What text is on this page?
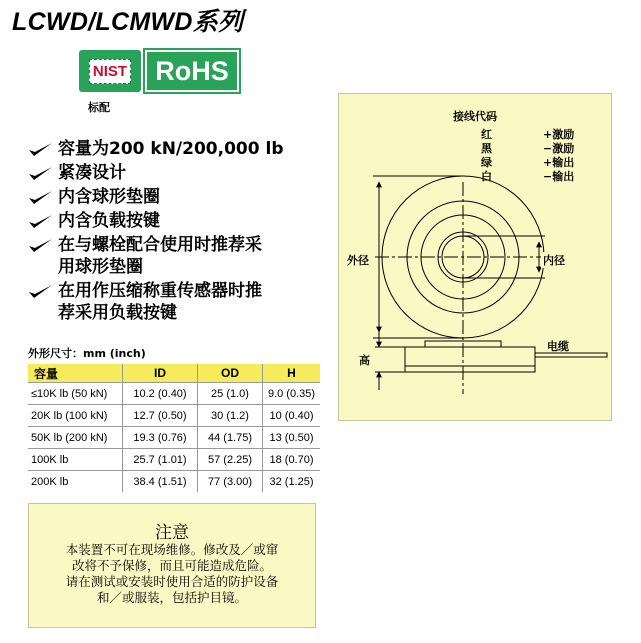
LCWD/LCMWD系列
NIST	RoHS
标配
容量为200 kN/200,000 lb
紧凑设计
内含球形垫圈
内含负载按键
在与螺栓配合使用时推荐采
用球形垫圈
在用作压缩称重传感器时推
荐采用负载按键
外形尺寸：mm (inch)
容量	ID	OD	H
≤10K lb (50 kN)	10.2 (0.40)	25 (1.0)	9.0 (0.35)
20K lb (100 kN)	12.7 (0.50)	30 (1.2)	10 (0.40)
50K lb (200 kN)	19.3 (0.76)	44 (1.75)	13 (0.50)
100K lb	25.7 (1.01)	57 (2.25)	18 (0.70)
200K lb	38.4 (1.51)	77 (3.00)	32 (1.25)
注意
本装置不可在现场维修。修改及／或窜
改将不予保修，而且可能造成危险。
请在测试或安装时使用合适的防护设备
和／或服装，包括护目镜。
接线代码
红	+激励
黑	−激励
绿	+输出
白	−输出
外径	内径
高
电缆
